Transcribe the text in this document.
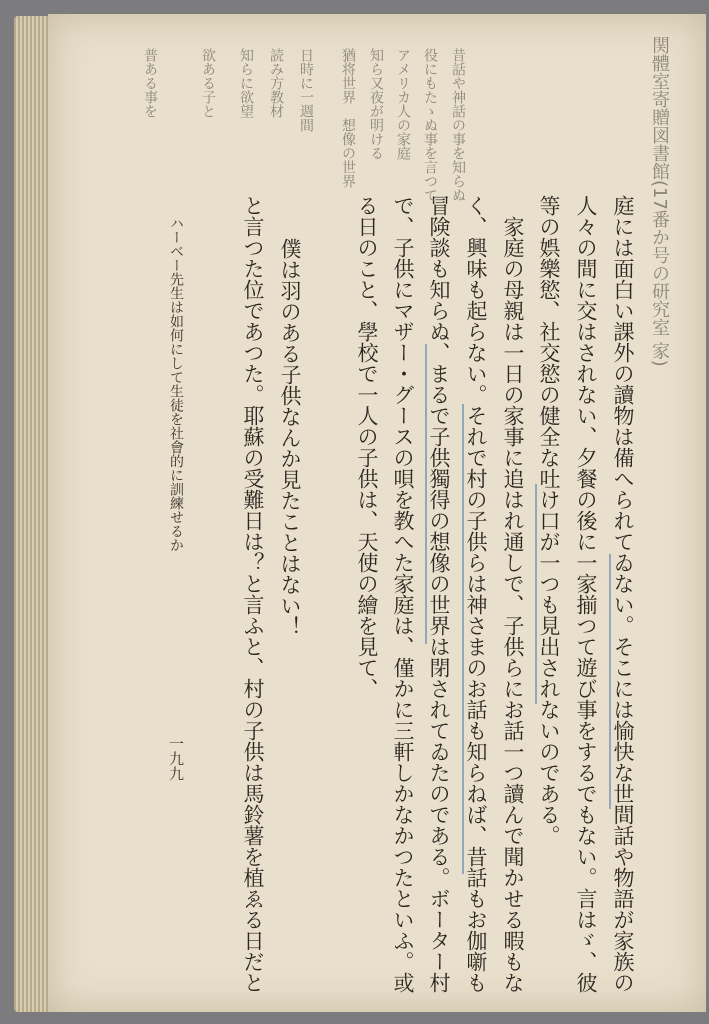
関體室寄贈図書館(17番か号の研究室 家)
庭には面白い課外の讀物は備へられてゐない。そこには愉快な世間話や物語が家族の
人々の間に交はされない、夕餐の後に一家揃つて遊び事をするでもない。言はゞ、彼
等の娯樂慾、社交慾の健全な吐け口が一つも見出されないのである。
家庭の母親は一日の家事に追はれ通しで、子供らにお話一つ讀んで聞かせる暇もな
く、興味も起らない。それで村の子供らは神さまのお話も知らねば、昔話もお伽噺も
冒険談も知らぬ、まるで子供獨得の想像の世界は閉されてゐたのである。ボーター村
で、子供にマザー・グースの唄を教へた家庭は、僅かに三軒しかなかつたといふ。或
る日のこと、學校で一人の子供は、天使の繪を見て、
僕は羽のある子供なんか見たことはない！
と言つた位であつた。耶蘇の受難日は？と言ふと、村の子供は馬鈴薯を植ゑる日だと
ハーベー先生は如何にして生徒を社會的に訓練せるか
一九九
昔話や神話の事を知らぬ
役にもたゝぬ事を言つて
アメリカ人の家庭
知ら又夜が明ける
猶将世界　想像の世界
日時に一週間
読み方教材
知らに欲望
欲ある子と
普ある事を
